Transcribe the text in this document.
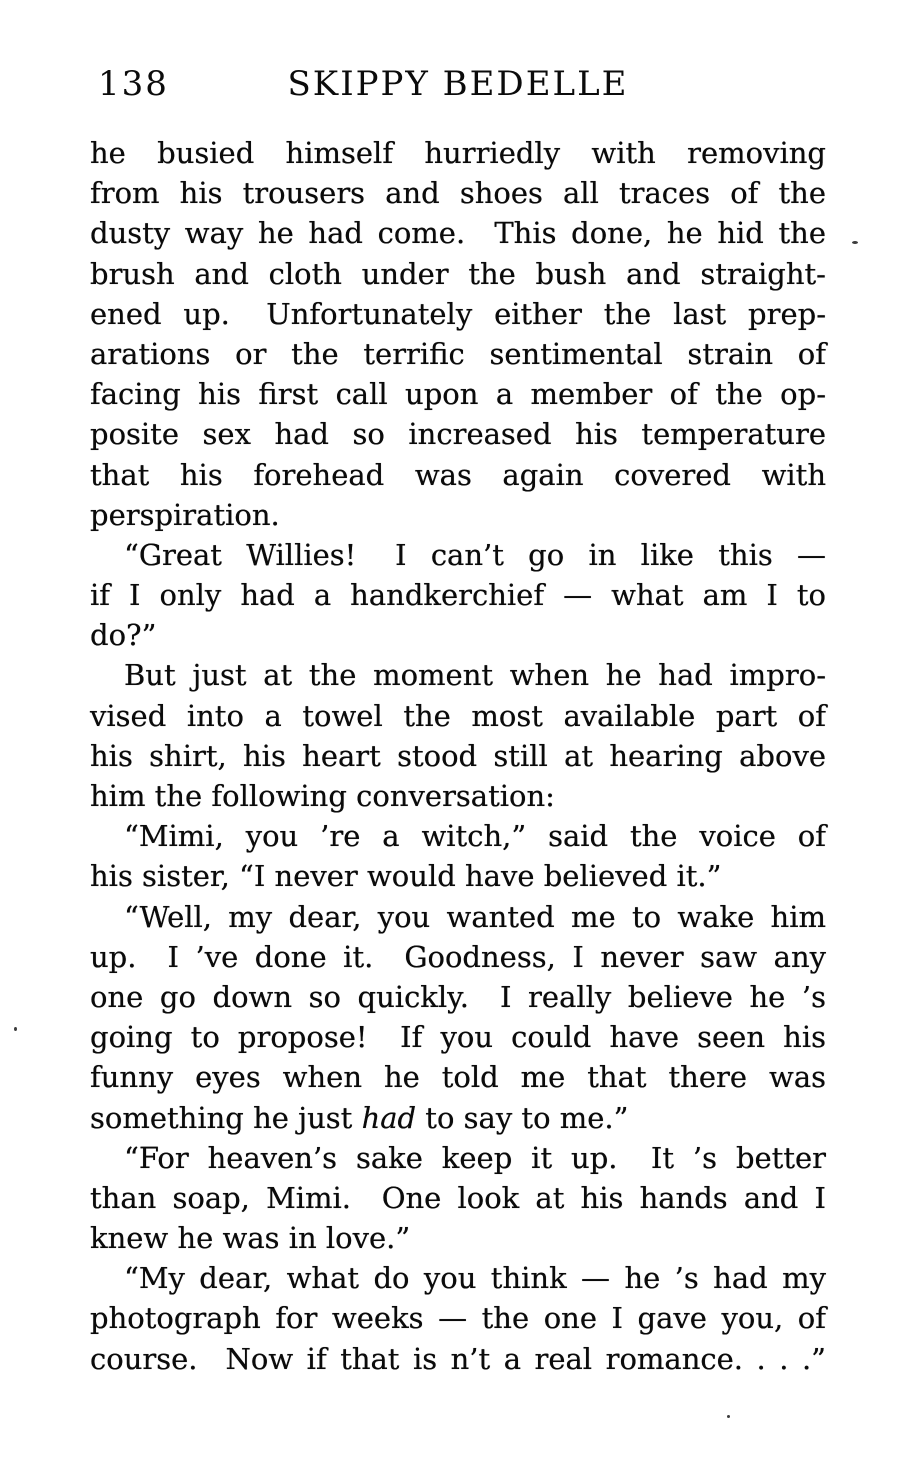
138	SKIPPY BEDELLE
he busied himself hurriedly with removing
from his trousers and shoes all traces of the
dusty way he had come.  This done, he hid the
brush and cloth under the bush and straight-
ened up.  Unfortunately either the last prep-
arations or the terrific sentimental strain of
facing his first call upon a member of the op-
posite sex had so increased his temperature
that his forehead was again covered with
perspiration.
“Great Willies!  I can’t go in like this —
if I only had a handkerchief — what am I to
do?”
But just at the moment when he had impro-
vised into a towel the most available part of
his shirt, his heart stood still at hearing above
him the following conversation:
“Mimi, you ’re a witch,” said the voice of
his sister, “I never would have believed it.”
“Well, my dear, you wanted me to wake him
up.  I ’ve done it.  Goodness, I never saw any
one go down so quickly.  I really believe he ’s
going to propose!  If you could have seen his
funny eyes when he told me that there was
something he just had to say to me.”
“For heaven’s sake keep it up.  It ’s better
than soap, Mimi.  One look at his hands and I
knew he was in love.”
“My dear, what do you think — he ’s had my
photograph for weeks — the one I gave you, of
course.  Now if that is n’t a real romance. . . .”
